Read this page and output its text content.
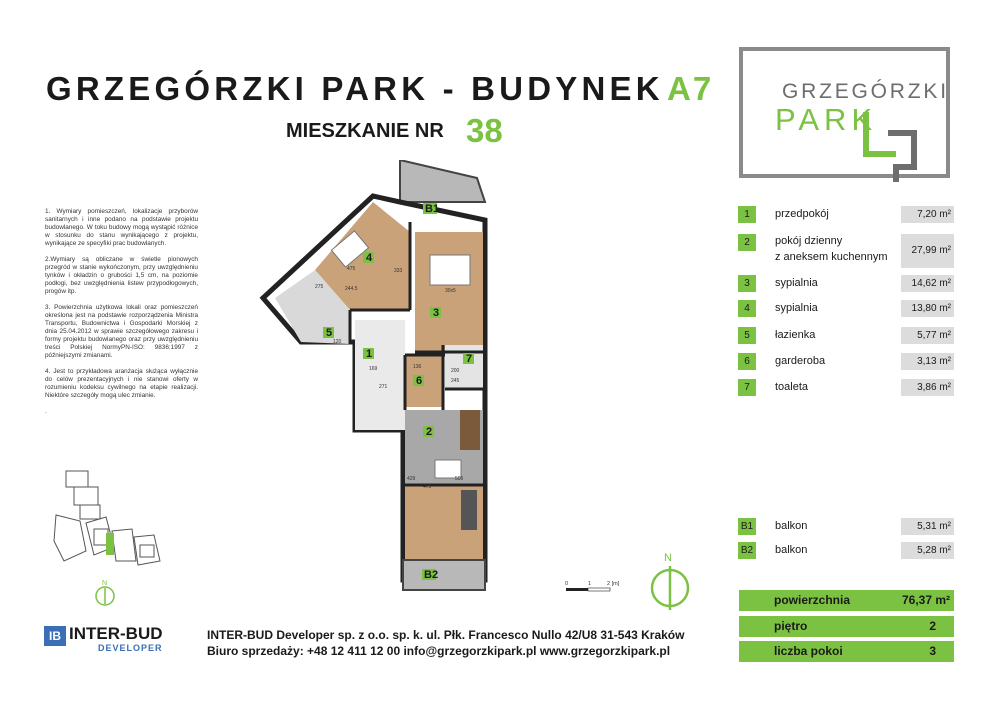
GRZEGÓRZKI PARK - BUDYNEK A7
MIESZKANIE NR 38
GRZEGÓRZKI
PARK

1. Wymiary pomieszczeń, lokalizacje przyborów sanitarnych i inne podano na podstawie projektu budowlanego. W toku budowy mogą wystąpić różnice w stosunku do stanu wynikającego z projektu, wynikające ze specyfiki prac budowlanych.

2.Wymiary są obliczane w świetle pionowych przegród w stanie wykończonym, przy uwzględnieniu tynków i okładzin o grubości 1,5 cm, na poziomie podłogi, bez uwzględnienia listew przypodłogowych, progów itp.

3. Powierzchnia użytkowa lokali oraz pomieszczeń określona jest na podstawie rozporządzenia Ministra Transportu, Budownictwa i Gospodarki Morskiej z dnia 25.04.2012 w sprawie szczegółowego zakresu i formy projektu budowlanego oraz przy uwzględnieniu treści Polskiej NormyPN-ISO: 9836:1997 z późniejszymi zmianami.

4. Jest to przykładowa aranżacja służąca wyłącznie do celów prezentacyjnych i nie stanowi oferty w rozumieniu kodeksu cywilnego na etapie realizacji. Niektóre szczegóły mogą ulec zmianie.

.

N
B1
1
2
3
4
5
6
7
B2
333
475
244.5
275
30x5
120
169
271
136
200
245
429
475
505
1	przedpokój	7,20 m²
2	pokój dzienny
z aneksem kuchennym
27,99 m²
3	sypialnia	14,62 m²
4	sypialnia	13,80 m²
5	łazienka	5,77 m²
6	garderoba	3,13 m²
7	toaleta	3,86 m²
B1 balkon	5,31 m²
B2 balkon	5,28 m²
powierzchnia	76,37 m²
piętro	2
liczba pokoi	3
0	1	2 [m]
N
IB INTER-BUD
DEVELOPER
INTER-BUD Developer sp. z o.o. sp. k. ul. Płk. Francesco Nullo 42/U8 31-543 Kraków
Biuro sprzedaży: +48 12 411 12 00 info@grzegorzkipark.pl www.grzegorzkipark.pl
